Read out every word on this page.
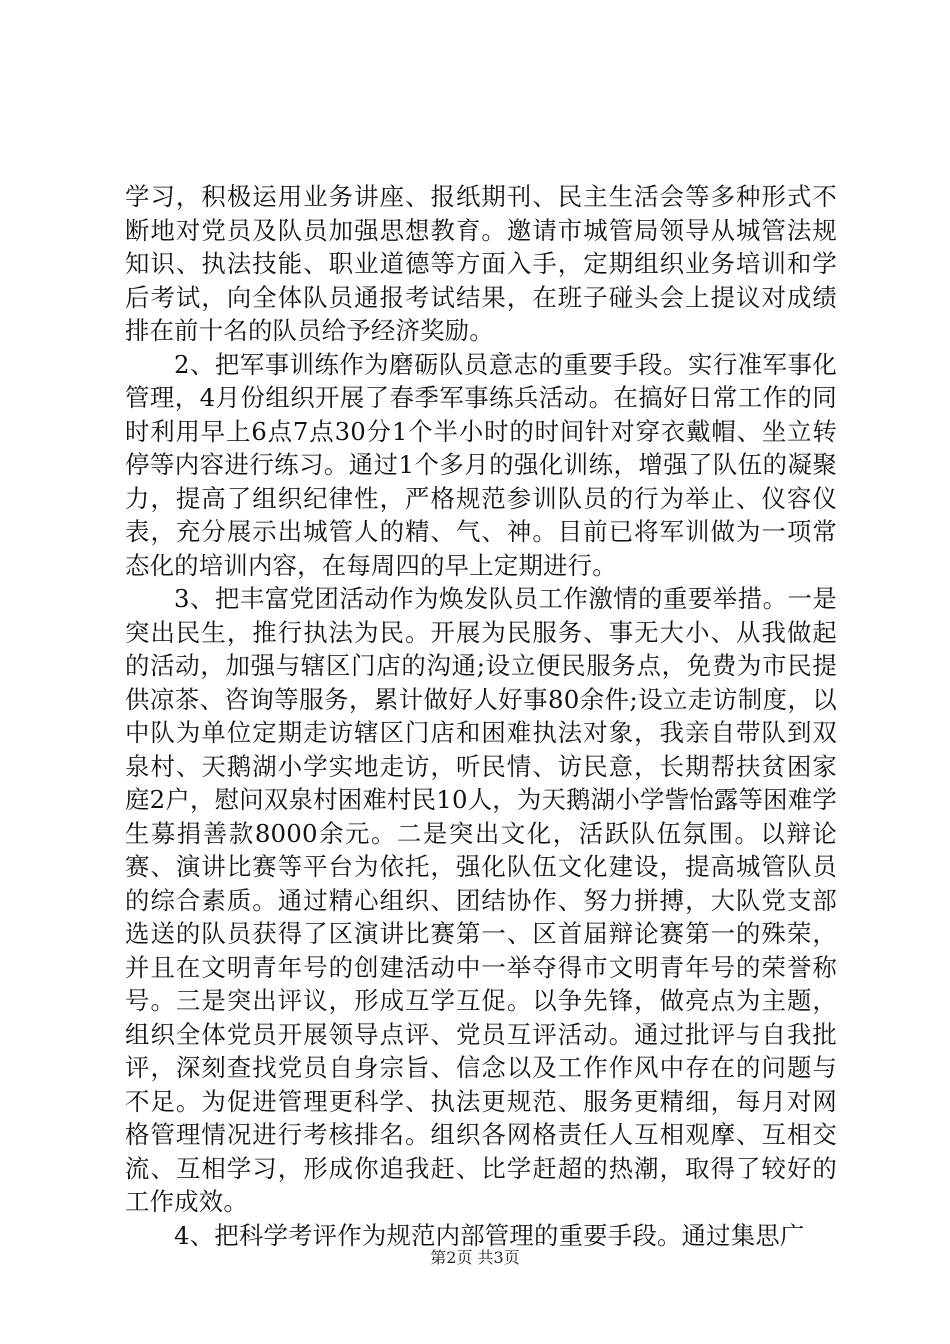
学习，积极运用业务讲座、报纸期刊、民主生活会等多种形式不断地对党员及队员加强思想教育。邀请市城管局领导从城管法规知识、执法技能、职业道德等方面入手，定期组织业务培训和学后考试，向全体队员通报考试结果，在班子碰头会上提议对成绩排在前十名的队员给予经济奖励。

2、把军事训练作为磨砺队员意志的重要手段。实行准军事化管理，4月份组织开展了春季军事练兵活动。在搞好日常工作的同时利用早上6点7点30分1个半小时的时间针对穿衣戴帽、坐立转停等内容进行练习。通过1个多月的强化训练，增强了队伍的凝聚力，提高了组织纪律性，严格规范参训队员的行为举止、仪容仪表，充分展示出城管人的精、气、神。目前已将军训做为一项常态化的培训内容，在每周四的早上定期进行。

3、把丰富党团活动作为焕发队员工作激情的重要举措。一是突出民生，推行执法为民。开展为民服务、事无大小、从我做起的活动，加强与辖区门店的沟通;设立便民服务点，免费为市民提供凉茶、咨询等服务，累计做好人好事80余件;设立走访制度，以中队为单位定期走访辖区门店和困难执法对象，我亲自带队到双泉村、天鹅湖小学实地走访，听民情、访民意，长期帮扶贫困家庭2户，慰问双泉村困难村民10人，为天鹅湖小学訾怡露等困难学生募捐善款8000余元。二是突出文化，活跃队伍氛围。以辩论赛、演讲比赛等平台为依托，强化队伍文化建设，提高城管队员的综合素质。通过精心组织、团结协作、努力拼搏，大队党支部选送的队员获得了区演讲比赛第一、区首届辩论赛第一的殊荣，并且在文明青年号的创建活动中一举夺得市文明青年号的荣誉称号。三是突出评议，形成互学互促。以争先锋，做亮点为主题，组织全体党员开展领导点评、党员互评活动。通过批评与自我批评，深刻查找党员自身宗旨、信念以及工作作风中存在的问题与不足。为促进管理更科学、执法更规范、服务更精细，每月对网格管理情况进行考核排名。组织各网格责任人互相观摩、互相交流、互相学习，形成你追我赶、比学赶超的热潮，取得了较好的工作成效。

4、把科学考评作为规范内部管理的重要手段。通过集思广

第2页 共3页
